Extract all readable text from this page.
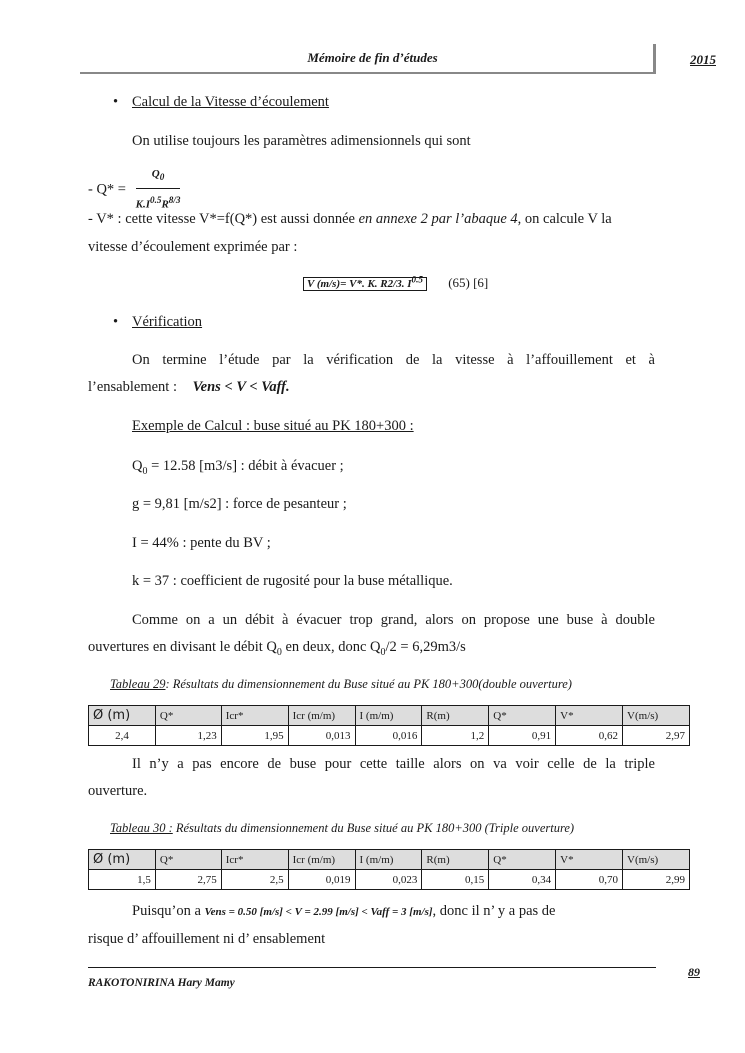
Mémoire de fin d’études	2015
• Calcul de la Vitesse d’écoulement
On utilise toujours les paramètres adimensionnels qui sont
- $Q* = \frac{Q_0}{K.I^{0.5}R^{8/3}}$
- V* : cette vitesse V*=f(Q*) est aussi donnée en annexe 2 par l’abaque 4, on calcule V la
vitesse d’écoulement exprimée par :
V (m/s)= V*. K. R2/3. $I^{0.5}$ (65) [6]
• Vérification
On termine l’étude par la vérification de la vitesse à l’affouillement et à
l’ensablement : Vens < V < Vaff.
Exemple de Calcul : buse situé au PK 180+300 :
$Q_0 = 12.58$ [m3/s] : débit à évacuer ;
g = 9,81 [m/s2] : force de pesanteur ;
I = 44% : pente du BV ;
k = 37 : coefficient de rugosité pour la buse métallique.
Comme on a un débit à évacuer trop grand, alors on propose une buse à double
ouvertures en divisant le débit $Q_0$ en deux, donc $Q_0/2 = 6,29m3/s$
Tableau 29: Résultats du dimensionnement du Buse situé au PK 180+300(double ouverture)
Ø (m)	Q*	Icr*	Icr (m/m)	I (m/m)	R(m)	Q*	V*	V(m/s)
2,4	1,23	1,95	0,013	0,016	1,2	0,91	0,62	2,97
Il n’y a pas encore de buse pour cette taille alors on va voir celle de la triple
ouverture.
Tableau 30 : Résultats du dimensionnement du Buse situé au PK 180+300 (Triple ouverture)
Ø (m)	Q*	Icr*	Icr (m/m)	I (m/m)	R(m)	Q*	V*	V(m/s)
1,5	2,75	2,5	0,019	0,023	0,15	0,34	0,70	2,99
Puisqu’on a Vens = 0.50 [m/s] < V = 2.99 [m/s] < Vaff = 3 [m/s], donc il n’ y a pas de
risque d’ affouillement ni d’ ensablement
89
RAKOTONIRINA Hary Mamy
